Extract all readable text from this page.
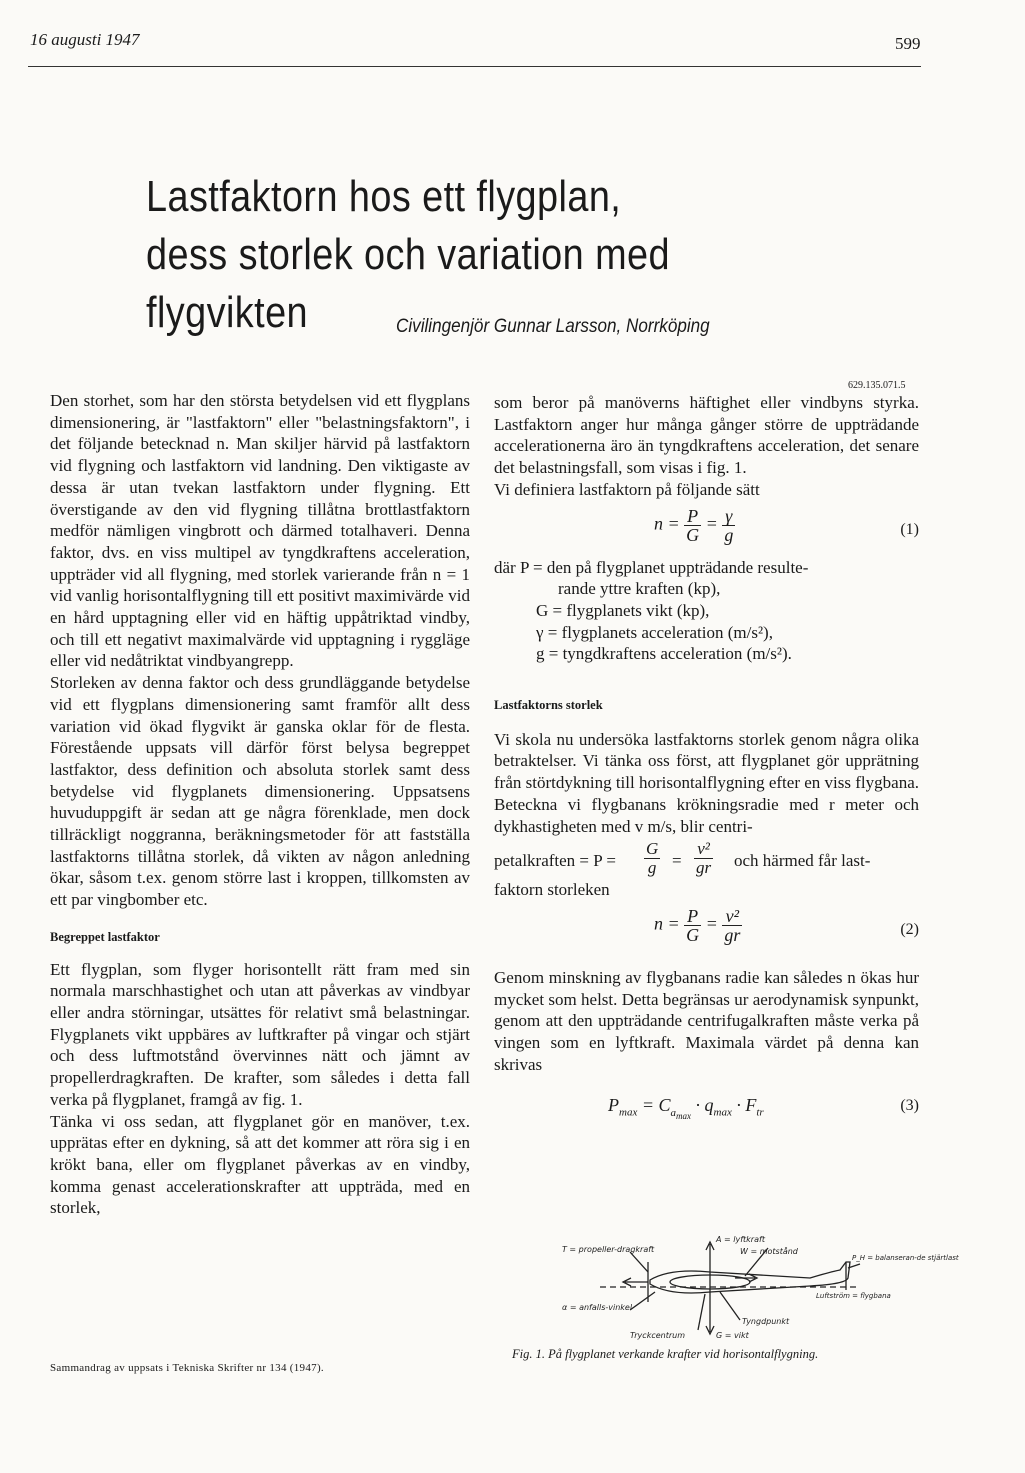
16 augusti 1947	599
Lastfaktorn hos ett flygplan,
dess storlek och variation med flygvikten	Civilingenjör Gunnar Larsson, Norrköping
629.135.071.5

Den storhet, som har den största betydelsen vid ett flygplans dimensionering, är "lastfaktorn" eller "belastningsfaktorn", i det följande betecknad n. Man skiljer härvid på lastfaktorn vid flygning och lastfaktorn vid landning. Den viktigaste av dessa är utan tvekan lastfaktorn under flygning. Ett överstigande av den vid flygning tillåtna brottlastfaktorn medför nämligen vingbrott och därmed totalhaveri. Denna faktor, dvs. en viss multipel av tyngdkraftens acceleration, uppträder vid all flygning, med storlek varierande från n = 1 vid vanlig horisontalflygning till ett positivt maximivärde vid en hård upptagning eller vid en häftig uppåtriktad vindby, och till ett negativt maximalvärde vid upptagning i ryggläge eller vid nedåtriktat vindbyangrepp.

Storleken av denna faktor och dess grundläggande betydelse vid ett flygplans dimensionering samt framför allt dess variation vid ökad flygvikt är ganska oklar för de flesta. Förestående uppsats vill därför först belysa begreppet lastfaktor, dess definition och absoluta storlek samt dess betydelse vid flygplanets dimensionering. Uppsatsens huvuduppgift är sedan att ge några förenklade, men dock tillräckligt noggranna, beräkningsmetoder för att fastställa lastfaktorns tillåtna storlek, då vikten av någon anledning ökar, såsom t.ex. genom större last i kroppen, tillkomsten av ett par vingbomber etc.

Begreppet lastfaktor

Ett flygplan, som flyger horisontellt rätt fram med sin normala marschhastighet och utan att påverkas av vindbyar eller andra störningar, utsättes för relativt små belastningar. Flygplanets vikt uppbäres av luftkrafter på vingar och stjärt och dess luftmotstånd övervinnes nätt och jämnt av propellerdragkraften. De krafter, som således i detta fall verka på flygplanet, framgå av fig. 1.

Tänka vi oss sedan, att flygplanet gör en manöver, t.ex. upprätas efter en dykning, så att det kommer att röra sig i en krökt bana, eller om flygplanet påverkas av en vindby, komma genast accelerationskrafter att uppträda, med en storlek,

Sammandrag av uppsats i Tekniska Skrifter nr 134 (1947).

som beror på manöverns häftighet eller vindbyns styrka. Lastfaktorn anger hur många gånger större de uppträdande accelerationerna äro än tyngdkraftens acceleration, det senare det belastningsfall, som visas i fig. 1.

Vi definiera lastfaktorn på följande sätt

$n = \frac{P}{G} = \frac{\gamma}{g}$	(1)
där P = den på flygplanet uppträdande resulte-
rande yttre kraften (kp),
G = flygplanets vikt (kp),
γ = flygplanets acceleration (m/s²),
g = tyngdkraftens acceleration (m/s²).
Lastfaktorns storlek

Vi skola nu undersöka lastfaktorns storlek genom några olika betraktelser. Vi tänka oss först, att flygplanet gör upprätning från störtdykning till horisontalflygning efter en viss flygbana. Beteckna vi flygbanans krökningsradie med r meter och dykhastigheten med v m/s, blir centri-

petalkraften = $P = \frac{G}{g} = \frac{\text{v²}}{gr}$ och härmed får last-

faktorn storleken

$n = \frac{P}{G} = \frac{\text{v²}}{gr}$	(2)

Genom minskning av flygbanans radie kan således n ökas hur mycket som helst. Detta begränsas ur aerodynamisk synpunkt, genom att den uppträdande centrifugalkraften måste verka på vingen som en lyftkraft. Maximala värdet på denna kan skrivas

$P_{max} = C_{a_{max}} \cdot q_{max} \cdot F_{tr}$	(3)
A = lyftkraft
W = motstånd
T = propeller-dragkraft
P_H = balanseran-de stjärtlast
Luftström = flygbana
α = anfalls-vinkel
Tyngdpunkt
Tryckcentrum	G = vikt
Fig. 1. På flygplanet verkande krafter vid horisontalflygning.
